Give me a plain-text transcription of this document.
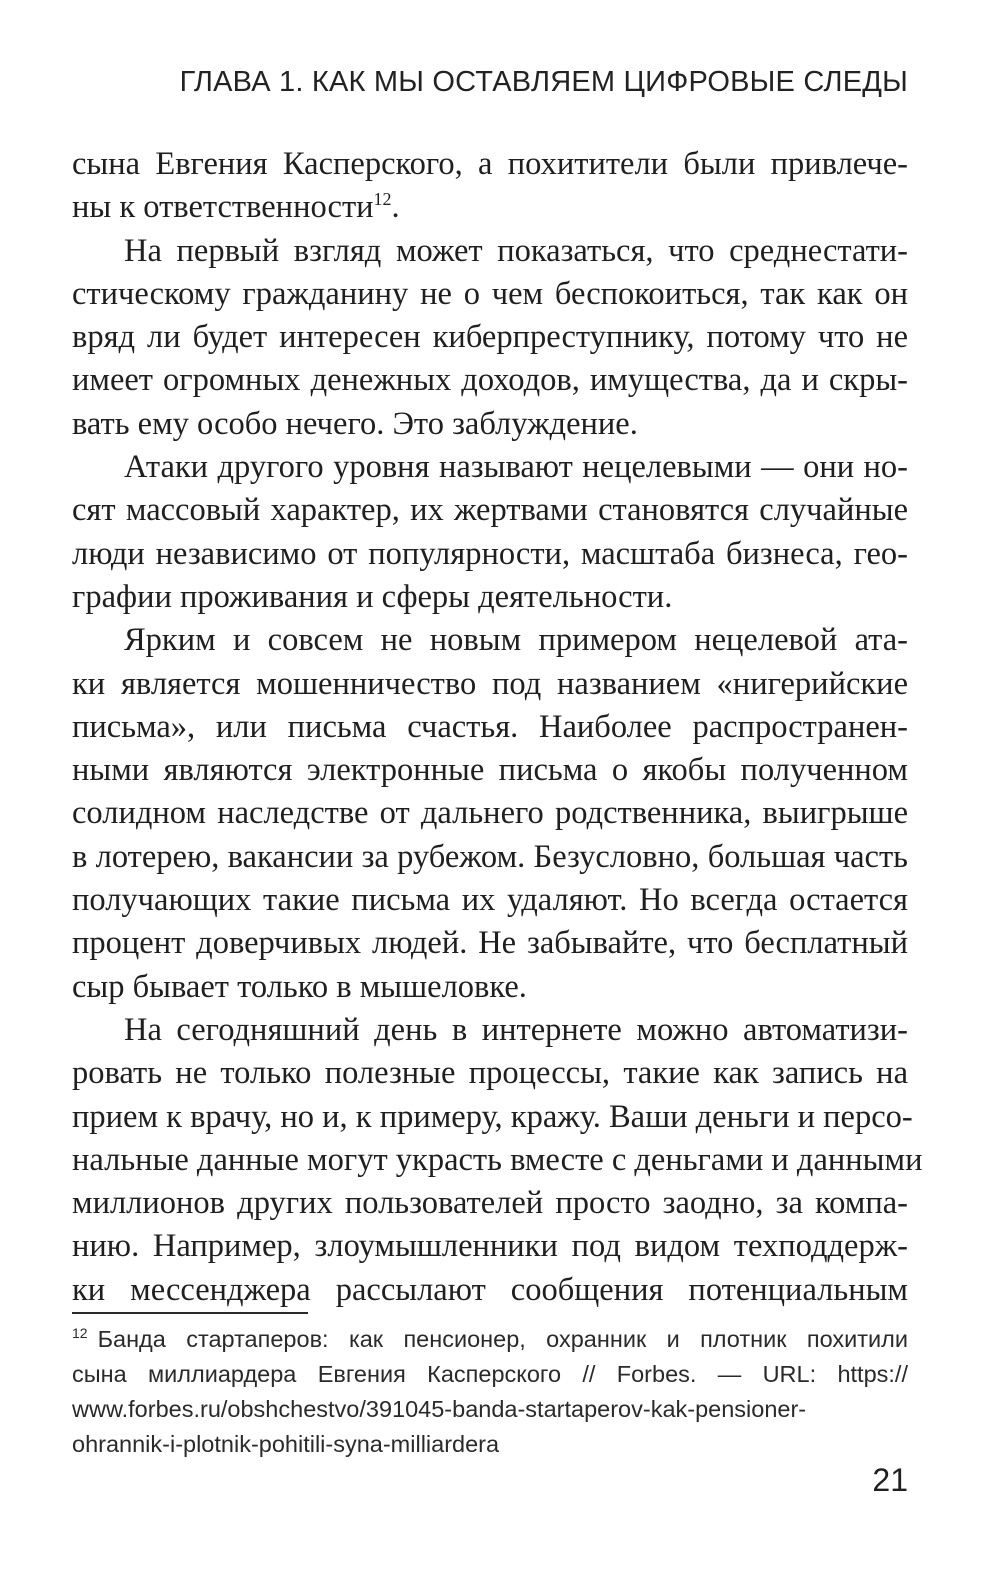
ГЛАВА 1. КАК МЫ ОСТАВЛЯЕМ ЦИФРОВЫЕ СЛЕДЫ
сына Евгения Касперского, а похитители были привлече-
ны к ответственности$^{12}$.
На первый взгляд может показаться, что среднестати-
стическому гражданину не о чем беспокоиться, так как он
вряд ли будет интересен киберпреступнику, потому что не
имеет огромных денежных доходов, имущества, да и скры-
вать ему особо нечего. Это заблуждение.
Атаки другого уровня называют нецелевыми — они но-
сят массовый характер, их жертвами становятся случайные
люди независимо от популярности, масштаба бизнеса, гео-
графии проживания и сферы деятельности.
Ярким и совсем не новым примером нецелевой ата-
ки является мошенничество под названием «нигерийские
письма», или письма счастья. Наиболее распространен-
ными являются электронные письма о якобы полученном
солидном наследстве от дальнего родственника, выигрыше
в лотерею, вакансии за рубежом. Безусловно, большая часть
получающих такие письма их удаляют. Но всегда остается
процент доверчивых людей. Не забывайте, что бесплатный
сыр бывает только в мышеловке.
На сегодняшний день в интернете можно автоматизи-
ровать не только полезные процессы, такие как запись на
прием к врачу, но и, к примеру, кражу. Ваши деньги и персо-
нальные данные могут украсть вместе с деньгами и данными
миллионов других пользователей просто заодно, за компа-
нию. Например, злоумышленники под видом техподдерж-
ки мессенджера рассылают сообщения потенциальным
$^{12}$ Банда стартаперов: как пенсионер, охранник и плотник похитили
сына миллиардера Евгения Касперского // Forbes. — URL: https://
www.forbes.ru/obshchestvo/391045-banda-startaperov-kak-pensioner-
ohrannik-i-plotnik-pohitili-syna-milliardera
21
